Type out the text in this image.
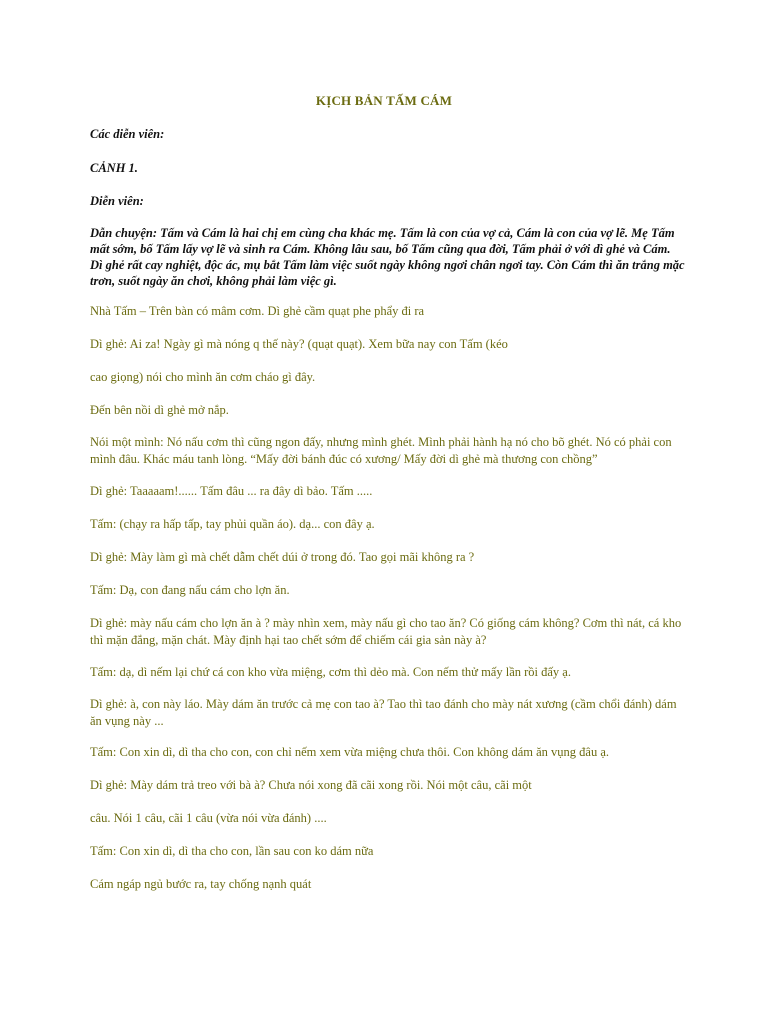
KỊCH BẢN TẤM CÁM
Các diễn viên:
CẢNH 1.
Diễn viên:
Dẫn chuyện: Tấm và Cám là hai chị em cùng cha khác mẹ. Tấm là con của vợ cả, Cám là con của vợ lẽ. Mẹ Tấm mất sớm, bố Tấm lấy vợ lẽ và sinh ra Cám. Không lâu sau, bố Tấm cũng qua đời, Tấm phải ở với dì ghẻ và Cám. Dì ghẻ rất cay nghiệt, độc ác, mụ bắt Tấm làm việc suốt ngày không ngơi chân ngơi tay. Còn Cám thì ăn trắng mặc trơn, suốt ngày ăn chơi, không phải làm việc gì.
Nhà Tấm – Trên bàn có mâm cơm. Dì ghẻ cầm quạt phe phẩy đi ra
Dì ghẻ: Ai za! Ngày gì mà nóng q thế này? (quạt quạt). Xem bữa nay con Tấm (kéo
cao giọng) nói cho mình ăn cơm cháo gì đây.
Đến bên nồi dì ghẻ mở nắp.
Nói một mình: Nó nấu cơm thì cũng ngon đấy, nhưng mình ghét. Mình phải hành hạ nó cho bõ ghét. Nó có phải con mình đâu. Khác máu tanh lòng. “Mấy đời bánh đúc có xương/ Mấy đời dì ghẻ mà thương con chồng”
Dì ghẻ: Taaaaam!...... Tấm đâu ... ra đây dì bảo. Tấm .....
Tấm: (chạy ra hấp tấp, tay phủi quần áo). dạ... con đây ạ.
Dì ghẻ: Mày làm gì mà chết dẫm chết dúi ở trong đó. Tao gọi mãi không ra ?
Tấm: Dạ, con đang nấu cám cho lợn ăn.
Dì ghẻ: mày nấu cám cho lợn ăn à ? mày nhìn xem, mày nấu gì cho tao ăn? Có giống cám không? Cơm thì nát, cá kho thì mặn đắng, mặn chát. Mày định hại tao chết sớm để chiếm cái gia sản này à?
Tấm: dạ, dì nếm lại chứ cá con kho vừa miệng, cơm thì dẻo mà. Con nếm thử mấy lần rồi đấy ạ.
Dì ghẻ: à, con này láo. Mày dám ăn trước cả mẹ con tao à? Tao thì tao đánh cho mày nát xương (cầm chổi đánh) dám ăn vụng này ...
Tấm: Con xin dì, dì tha cho con, con chỉ nếm xem vừa miệng chưa thôi. Con không dám ăn vụng đâu ạ.
Dì ghẻ: Mày dám trả treo với bà à? Chưa nói xong đã cãi xong rồi. Nói một câu, cãi một
câu. Nói 1 câu, cãi 1 câu (vừa nói vừa đánh) ....
Tấm: Con xin dì, dì tha cho con, lần sau con ko dám nữa
Cám ngáp ngủ bước ra, tay chống nạnh quát
